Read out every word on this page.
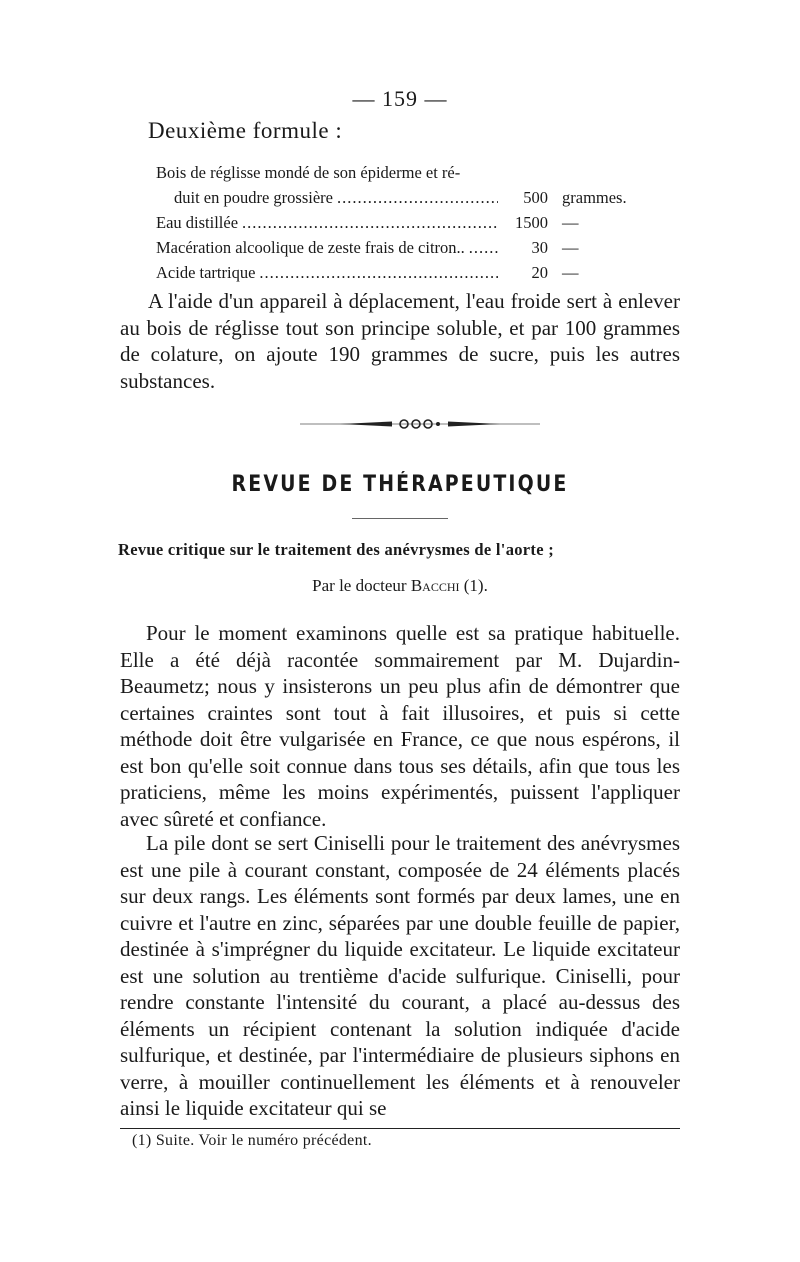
— 159 —
Deuxième formule :
Bois de réglisse mondé de son épiderme et ré-
duit en poudre grossière .....	500 grammes.
Eau distillée .....	1500 —
Macération alcoolique de zeste frais de citron.. .....	30 —
Acide tartrique .....	20 —

A l'aide d'un appareil à déplacement, l'eau froide sert à enlever au bois de réglisse tout son principe soluble, et par 100 grammes de colature, on ajoute 190 grammes de sucre, puis les autres substances.

REVUE DE THÉRAPEUTIQUE
Revue critique sur le traitement des anévrysmes de l'aorte ;
Par le docteur Bacchi (1).

Pour le moment examinons quelle est sa pratique habituelle. Elle a été déjà racontée sommairement par M. Dujardin-Beaumetz; nous y insisterons un peu plus afin de démontrer que certaines craintes sont tout à fait illusoires, et puis si cette méthode doit être vulgarisée en France, ce que nous espérons, il est bon qu'elle soit connue dans tous ses détails, afin que tous les praticiens, même les moins expérimentés, puissent l'appliquer avec sûreté et confiance.

La pile dont se sert Ciniselli pour le traitement des anévrysmes est une pile à courant constant, composée de 24 éléments placés sur deux rangs. Les éléments sont formés par deux lames, une en cuivre et l'autre en zinc, séparées par une double feuille de papier, destinée à s'imprégner du liquide excitateur. Le liquide excitateur est une solution au trentième d'acide sulfurique. Ciniselli, pour rendre constante l'intensité du courant, a placé au-dessus des éléments un récipient contenant la solution indiquée d'acide sulfurique, et destinée, par l'intermédiaire de plusieurs siphons en verre, à mouiller continuellement les éléments et à renouveler ainsi le liquide excitateur qui se

(1) Suite. Voir le numéro précédent.
